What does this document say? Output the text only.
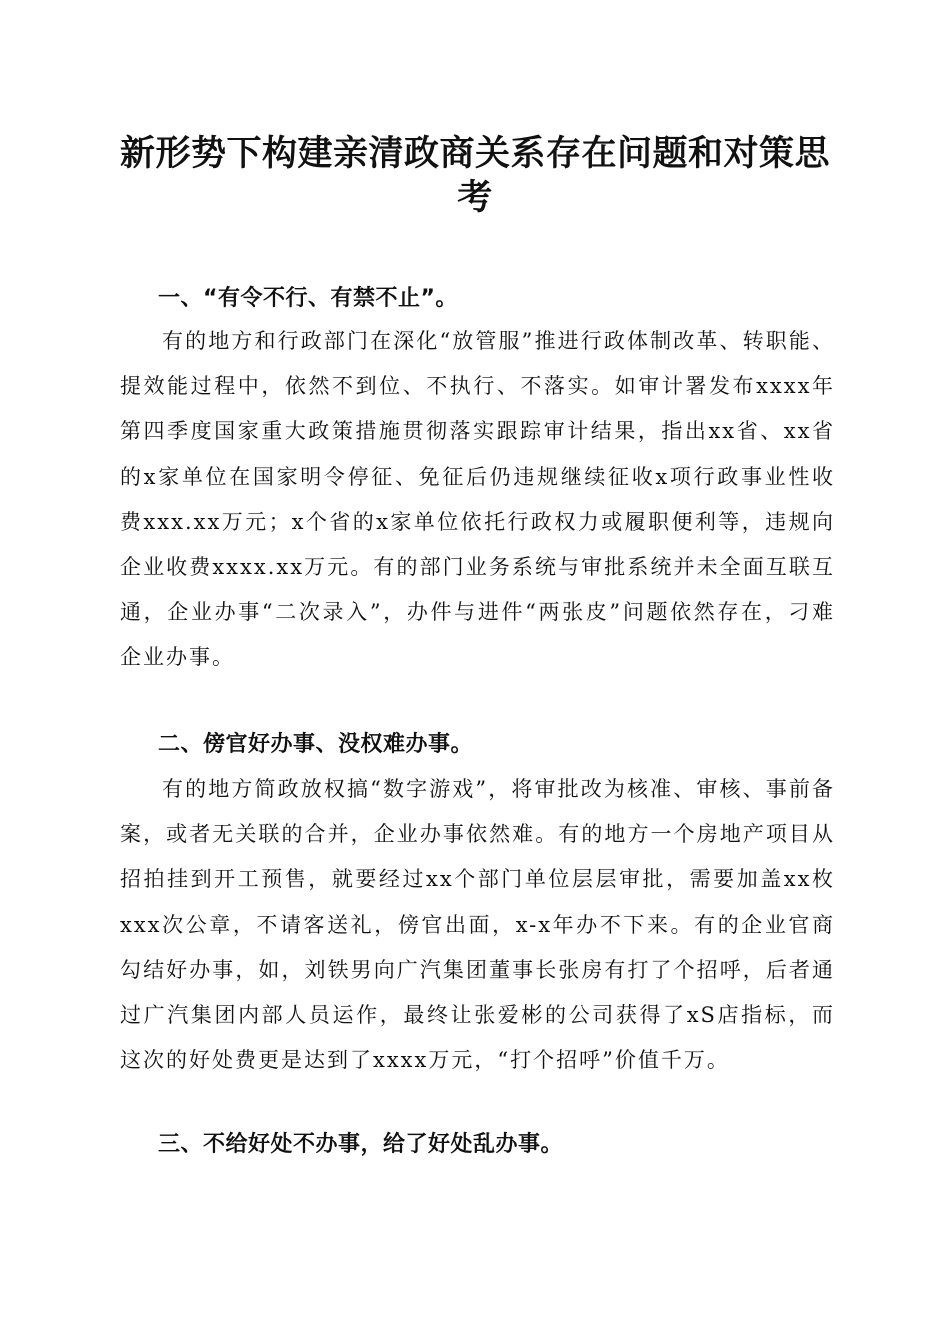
新形势下构建亲清政商关系存在问题和对策思考
一、“有令不行、有禁不止”。
有的地方和行政部门在深化“放管服”推进行政体制改革、转职能、提效能过程中，依然不到位、不执行、不落实。如审计署发布xxxx年第四季度国家重大政策措施贯彻落实跟踪审计结果，指出xx省、xx省的x家单位在国家明令停征、免征后仍违规继续征收x项行政事业性收费xxx.xx万元；x个省的x家单位依托行政权力或履职便利等，违规向企业收费xxxx.xx万元。有的部门业务系统与审批系统并未全面互联互通，企业办事“二次录入”，办件与进件“两张皮”问题依然存在，刁难企业办事。
二、傍官好办事、没权难办事。
有的地方简政放权搞“数字游戏”，将审批改为核准、审核、事前备案，或者无关联的合并，企业办事依然难。有的地方一个房地产项目从招拍挂到开工预售，就要经过xx个部门单位层层审批，需要加盖xx枚xxx次公章，不请客送礼，傍官出面，x-x年办不下来。有的企业官商勾结好办事，如，刘铁男向广汽集团董事长张房有打了个招呼，后者通过广汽集团内部人员运作，最终让张爱彬的公司获得了xS店指标，而这次的好处费更是达到了xxxx万元，“打个招呼”价值千万。
三、不给好处不办事，给了好处乱办事。
